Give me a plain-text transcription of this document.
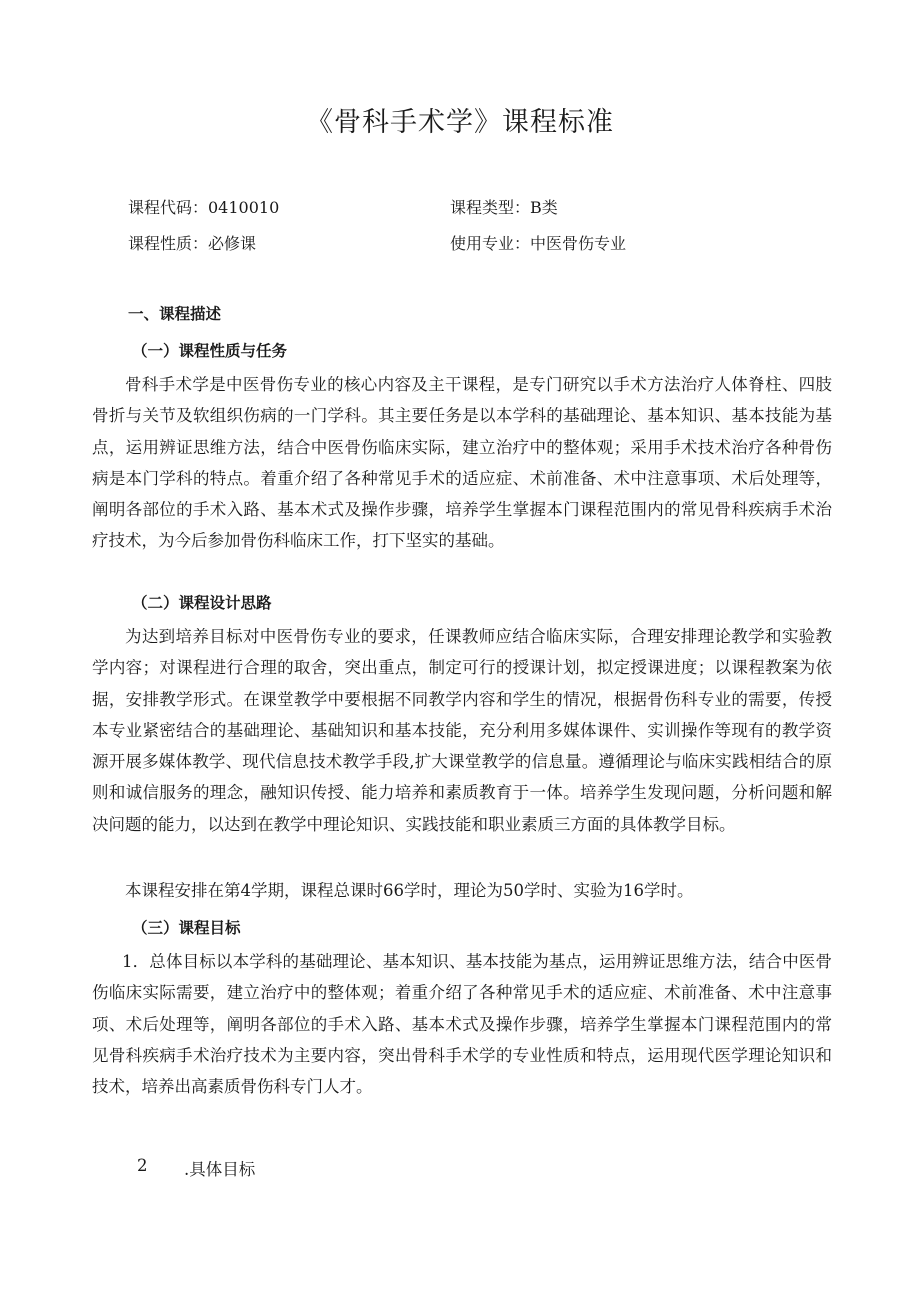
《骨科手术学》课程标准
课程代码：0410010	课程类型：B类
课程性质：必修课	使用专业：中医骨伤专业
一、课程描述
（一）课程性质与任务

骨科手术学是中医骨伤专业的核心内容及主干课程，是专门研究以手术方法治疗人体脊柱、四肢骨折与关节及软组织伤病的一门学科。其主要任务是以本学科的基础理论、基本知识、基本技能为基点，运用辨证思维方法，结合中医骨伤临床实际，建立治疗中的整体观；采用手术技术治疗各种骨伤病是本门学科的特点。着重介绍了各种常见手术的适应症、术前准备、术中注意事项、术后处理等，阐明各部位的手术入路、基本术式及操作步骤，培养学生掌握本门课程范围内的常见骨科疾病手术治疗技术，为今后参加骨伤科临床工作，打下坚实的基础。

（二）课程设计思路

为达到培养目标对中医骨伤专业的要求，任课教师应结合临床实际，合理安排理论教学和实验教学内容；对课程进行合理的取舍，突出重点，制定可行的授课计划，拟定授课进度；以课程教案为依据，安排教学形式。在课堂教学中要根据不同教学内容和学生的情况，根据骨伤科专业的需要，传授本专业紧密结合的基础理论、基础知识和基本技能，充分利用多媒体课件、实训操作等现有的教学资源开展多媒体教学、现代信息技术教学手段,扩大课堂教学的信息量。遵循理论与临床实践相结合的原则和诚信服务的理念，融知识传授、能力培养和素质教育于一体。培养学生发现问题，分析问题和解决问题的能力，以达到在教学中理论知识、实践技能和职业素质三方面的具体教学目标。

本课程安排在第4学期，课程总课时66学时，理论为50学时、实验为16学时。

（三）课程目标

1．总体目标以本学科的基础理论、基本知识、基本技能为基点，运用辨证思维方法，结合中医骨伤临床实际需要，建立治疗中的整体观；着重介绍了各种常见手术的适应症、术前准备、术中注意事项、术后处理等，阐明各部位的手术入路、基本术式及操作步骤，培养学生掌握本门课程范围内的常见骨科疾病手术治疗技术为主要内容，突出骨科手术学的专业性质和特点，运用现代医学理论知识和技术，培养出高素质骨伤科专门人才。

2 .具体目标
